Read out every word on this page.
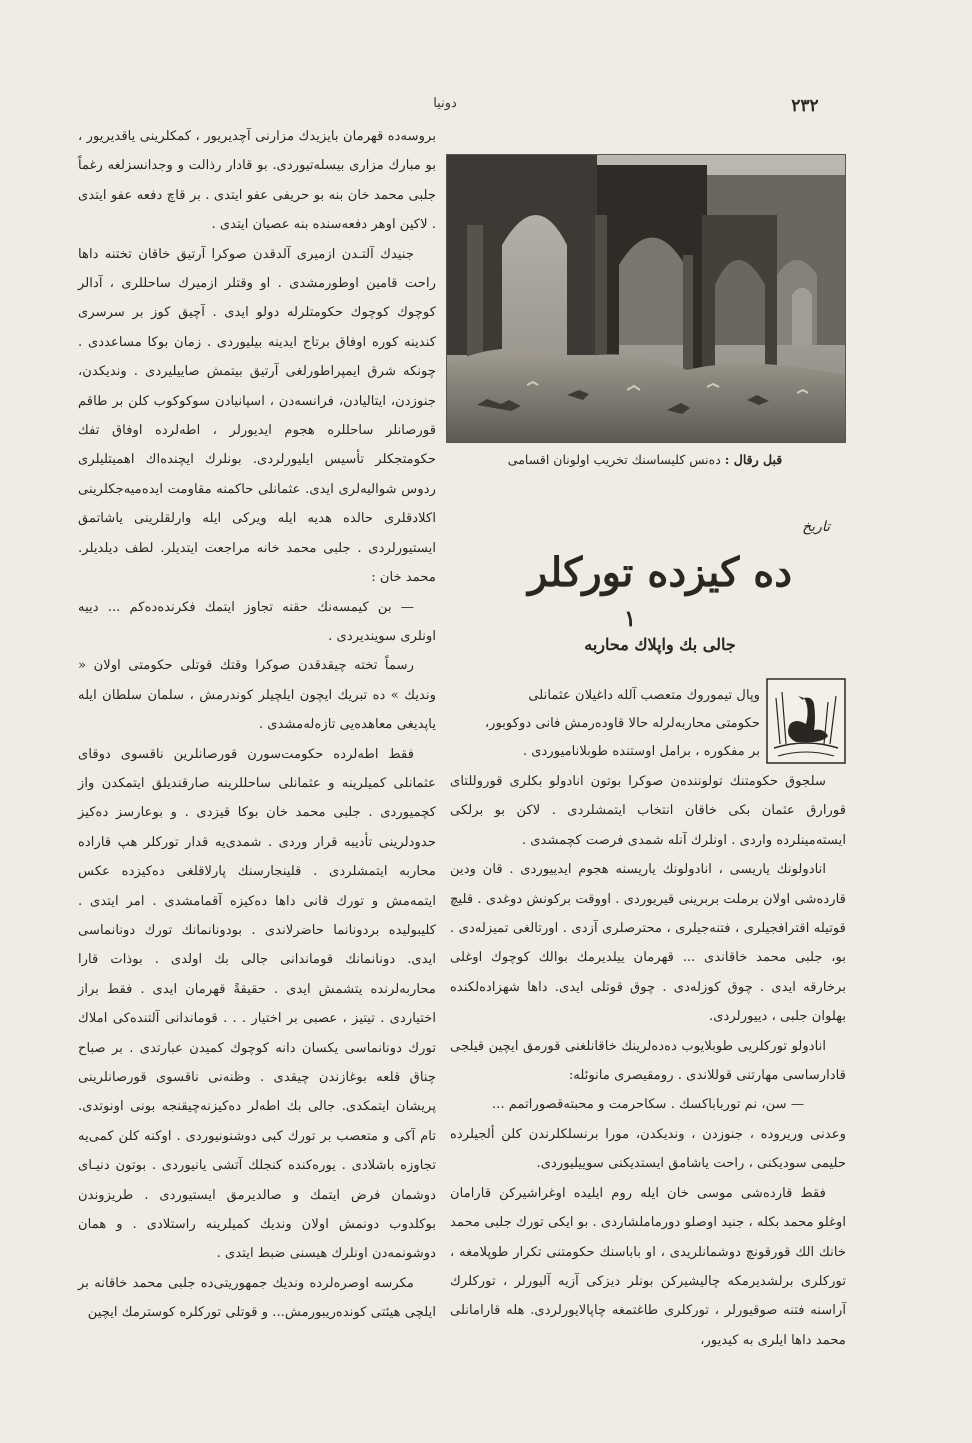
۲۳۲
دونیا

بروسه‌ده قهرمان بایزیدك مزارنی آچدیریور ، کمکلرینی یاقدیریور ، بو مبارك مزاری بیسله‌تیوردی. بو قادار رذالت و وجدانسزلغه رغماً جلبی محمد خان بنه بو حریفی عفو ایتدی . بر قاچ دفعه عفو ایتدی . لاکین اوهر دفعه‌سنده بنه عصیان ایتدی .

جنیدك آلتـدن ازمیری آلدقدن صوکرا آرتیق خاقان تختنه داها راحت قامین اوطورمشدی . او وقتلر ازمیرك ساحللری ، آدالر کوچوك کوچوك حکومتلرله دولو ایدی . آچیق کوز بر سرسری کندینه کوره اوفاق برتاج ایدینه بیلیوردی . زمان بوکا مساعددی . چونکه شرق ایمپراطورلغی آرتیق بیتمش صاییلیردی . وندیکدن، جنوزدن، ایتالیادن، فرانسه‌دن ، اسپانیادن سوکوکوب کلن بر طاقم قورصانلر ساحللره هجوم ایدیورلر ، اطه‌لرده اوفاق تفك حکومتجکلر تأسیس ایلیورلردی. بونلرك ایچنده‌اك اهمیتلیلری ردوس شوالیه‌لری ایدی. عثمانلی حاکمنه مقاومت ایده‌میه‌جکلرینی اکلادقلری حالده هدیه ایله ویرکی ایله وارلقلرینی یاشاتمق ایستیورلردی . جلبی محمد خانه مراجعت ایتدیلر. لطف دیلدیلر. محمد خان :

— بن کیمسه‌نك حقنه تجاوز ایتمك فکرنده‌ده‌کم ... دییه اونلری سویندیردی .

رسماً تخته چیقدقدن صوکرا وقتك قوتلی حکومتی اولان « وندیك » ده تبریك ایچون ایلچیلر کوندرمش ، سلمان سلطان ایله یاپدیغی معاهده‌یی تازه‌له‌مشدی .

فقط اطه‌لرده حکومت‌سورن قورصانلرین ناقسوی دوقای عثمانلی کمیلرینه و عثمانلی ساحللرینه صارقندیلق ایتمکدن واز کچمیوردی . جلبی محمد خان بوکا قیزدی . و بوعارسز ده‌کیز حدودلرینی تأدیبه قرار وردی . شمدی‌یه قدار تورکلر هپ قاراده محاربه ایتمشلردی . قلینجارسنك پارلاقلغی ده‌کیزده عکس ایتمه‌مش و تورك قانی داها ده‌کیزه آقمامشدی . امر ایتدی . کلیبولیده بردونانما حاضرلاندی . بودونانمانك تورك دونانماسی ایدی. دونانمانك قوماندانی جالی بك اولدی . بوذات قارا محاربه‌لرنده یتشمش ایدی . حقیقةً قهرمان ایدی . فقط براز اختیاردی . تیتیز ، عصبی بر اختیار . . . قوماندانی آلتنده‌کی املاك تورك دونانماسی یکسان دانه کوچوك کمیدن عبارتدی . بر صباح چناق قلعه بوغازندن چیقدی . وظنه‌نی ناقسوی قورصانلرینی پریشان ایتمکدی. جالی بك اطه‌لر ده‌کیزنه‌چیقنجه بونی اونوتدی. تام آکی و متعصب بر تورك کبی دوشنونیوردی . اوکنه کلن کمی‌یه تجاوزه باشلادی . یوره‌کنده کنجلك آتشی یانیوردی . بوتون دنیـای دوشمان فرض ایتمك و صالدیرمق ایستیوردی . طریزوندن بوکلدوب دونمش اولان وندیك کمیلرینه راستلادی . و همان دوشونمه‌دن اونلرك هیسنی ضبط ایتدی .

مکرسه اوصره‌لرده وندیك جمهوریتی‌ده جلبی محمد خاقانه بر ایلچی هیئتی کونده‌ریبورمش... و قوتلی تورکلره کوسترمك ایچین

قبل رقال : ده‌نس کلیساسنك تخریب اولونان اقسامی
تاریخ
ده کیزده تورکلر
١
جالی بك واپلاك محاربه

وپال تیموروك متعصب آلله داغیلان عثمانلی

حکومتی محاربه‌لرله حالا قاوده‌رمش فانی دوکوبور،

بر مفکوره ، برامل اوستنده طوبلانامیوردی .

سلجوق حکومتنك تولوننده‌ن صوکرا بوتون انادولو بکلری قوروللتای قورارق عثمان بکی خاقان انتخاب ایتمشلردی . لاکن بو برلکی ایسته‌مینلرده واردی . اونلرك آنله شمدی فرصت کچمشدی .

انادولونك یاریسی ، انادولونك یاریسنه هجوم ایدییوردی . قان ودین قارده‌شی اولان برملت بربرینی قیریوردی . اووقت برکونش دوغدی . قلیچ قوتیله اقترافجیلری ، فتنه‌جیلری ، محترصلری آزدی . اورتالغی تمیزله‌دی . بو، جلبی محمد خاقاندی ... قهرمان ییلدیرمك بوالك کوچوك اوغلی برخارقه ایدی . چوق کوزله‌دی . چوق قوتلی ایدی. داها شهزاده‌لکنده بهلوان جلبی ، دییورلردی.

انادولو تورکلریی طوبلایوب ده‌ده‌لرینك خاقانلغنی قورمق ایچین قیلجی قادارساسی مهارتنی قوللاندی . رومقیصری مانوئله:

— سن، نم تورباباکسك . سکاحرمت و محبته‌قصوراتمم ...

وعدنی وریروده ، جنوزدن ، وندیکدن، مورا برنسلکلرندن کلن ألجیلرده حلیمی سودیکنی ، راحت یاشامق ایستدیکنی سوییلیوردی.

فقط قارده‌شی موسی خان ایله روم ایلیده اوغراشیرکن قارامان اوغلو محمد بکله ، جنید اوصلو دورماملشاردی . بو ایکی تورك جلبی محمد خانك الك قورقونچ دوشمانلریدی ، او باباسنك حکومتنی تکرار طوپلامغه ، تورکلری برلشدیرمکه چالیشیرکن بونلر دیزکی آزیه آلیورلر ، تورکلرك آراسنه فتنه صوقیورلر ، تورکلری طاغتمغه چاپالایورلردی. هله قارامانلی محمد داها ایلری به کیدیور،
